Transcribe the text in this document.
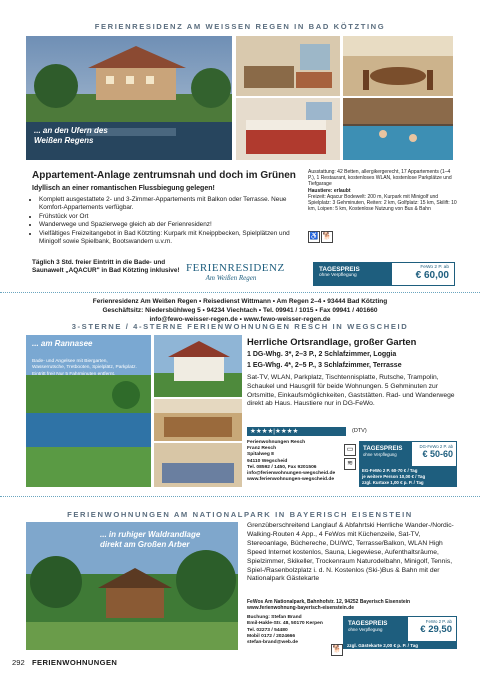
FERIENRESIDENZ AM WEISSEN REGEN IN BAD KÖTZTING
... an den Ufern des
Weißen Regens
Appartement-Anlage zentrumsnah und doch im Grünen
Idyllisch an einer romantischen Flussbiegung gelegen!
• Komplett ausgestattete 2- und 3-Zimmer-Appartements mit Balkon oder Terrasse. Neue Komfort-Appartements verfügbar.
• Frühstück vor Ort
• Wanderwege und Spazierwege gleich ab der Ferienresidenz!
• Vielfältiges Freizeitangebot in Bad Kötzting: Kurpark mit Kneippbecken, Spielplätzen und Minigolf sowie Spielbank, Bootswandern u.v.m.
Ausstattung: 42 Betten, allergikergerecht, 17 Appartements (1–4 P.), 1 Restaurant, kostenloses WLAN, kostenlose Parkplätze und Tiefgarage
Haustiere: erlaubt
Freizeit: Aqacur Bodewelt: 200 m, Kurpark mit Minigolf und Spielplatz: 3 Gehminuten, Reiten: 2 km, Golfplatz: 15 km, Skilift: 10 km, Loipen: 5 km, Kostenlose Nutzung von Bus & Bahn
♿ 🐕
Täglich 3 Std. freier Eintritt in die Bade- und Saunawelt „AQACUR" in Bad Kötzting inklusive! FERIENRESIDENZ
Am Weißen Regen
TAGESPREIS
ohne Verpflegung
FeWo 2 P. ab
€ 60,00
Ferienresidenz Am Weißen Regen • Reisedienst Wittmann • Am Regen 2–4 • 93444 Bad Kötzting
Geschäftsitz: Niedersbühlweg 5 • 94234 Viechtach • Tel. 09941 / 1015 • Fax 09941 / 401660
info@fewo-weisser-regen.de • www.fewo-weisser-regen.de
3-STERNE / 4-STERNE FERIENWOHNUNGEN RESCH IN WEGSCHEID
... am Rannasee
Bade- und Angelsee mit Biergarten, Wasserrutsche, Tretbooten, Spielplätz, Parkplatz. Eintritt frei! Nur 5 Fahrminuten entfernt.
Herrliche Ortsrandlage, großer Garten
1 DG-Whg. 3*, 2–3 P., 2 Schlafzimmer, Loggia
1 EG-Whg. 4*, 2–5 P., 3 Schlafzimmer, Terrasse
Sat-TV, WLAN, Parkplatz, Tischtennisplatte, Rutsche, Trampolin, Schaukel und Hausgrill für beide Wohnungen. 5 Gehminuten zur Ortsmitte, Einkaufsmöglichkeiten, Gaststätten. Rad- und Wanderwege direkt ab Haus. Haustiere nur in DG-FeWo.
★★★★|★★★★	(DTV)
Ferienwohnungen Resch
Franz Resch
Spitalweg 8
94110 Wegscheid
Tel. 08592 / 1450, Fax 9201506
info@ferienwohnungen-wegscheid.de
www.ferienwohnungen-wegscheid.de
▭
≋
TAGESPREIS
ohne Verpflegung
DG-FeWo 2 P. ab
€ 50-60
EG-FeWo 2 P. 60-70 € / Tag
je weitere Person 10,00 € / Tag
zzgl. Kurtaxe 1,00 € p. P. / Tag
FERIENWOHNUNGEN AM NATIONALPARK IN BAYERISCH EISENSTEIN
... in ruhiger Waldrandlage
direkt am Großen Arber
Grenzüberschreitend Langlauf & Abfahrtski Herrliche Wander-/Nordic-Walking-Routen 4 App., 4 FeWos mit Küchenzeile, Sat-TV, Stereoanlage, Büchereche, DU/WC, Terrasse/Balkon, WLAN High Speed Internet kostenlos, Sauna, Liegewiese, Aufenthaltsräume, Spielzimmer, Skikeller, Trockenraum Naturodelbahn, Minigolf, Tennis, Spiel-/Rasenbolzplatz i. d. N. Kostenlos (Ski-)Bus & Bahn mit der Nationalpark Gästekarte
FeWos Am Nationalpark, Bahnhofstr. 12, 94252 Bayerisch Eisenstein
www.ferienwohnung-bayerisch-eisenstein.de
Buchung: Stefan Brand
Emil-Hakle-Str. 48, 50170 Kerpen
Tel. 02273 / 54480
Mobil 0172 / 2024666
stefan-brand@web.de
🐕
TAGESPREIS
ohne Verpflegung
FeWo 2 P. ab
€ 29,50
zzgl. Gästekarte 2,00 € p. P. / Tag
292 FERIENWOHNUNGEN
